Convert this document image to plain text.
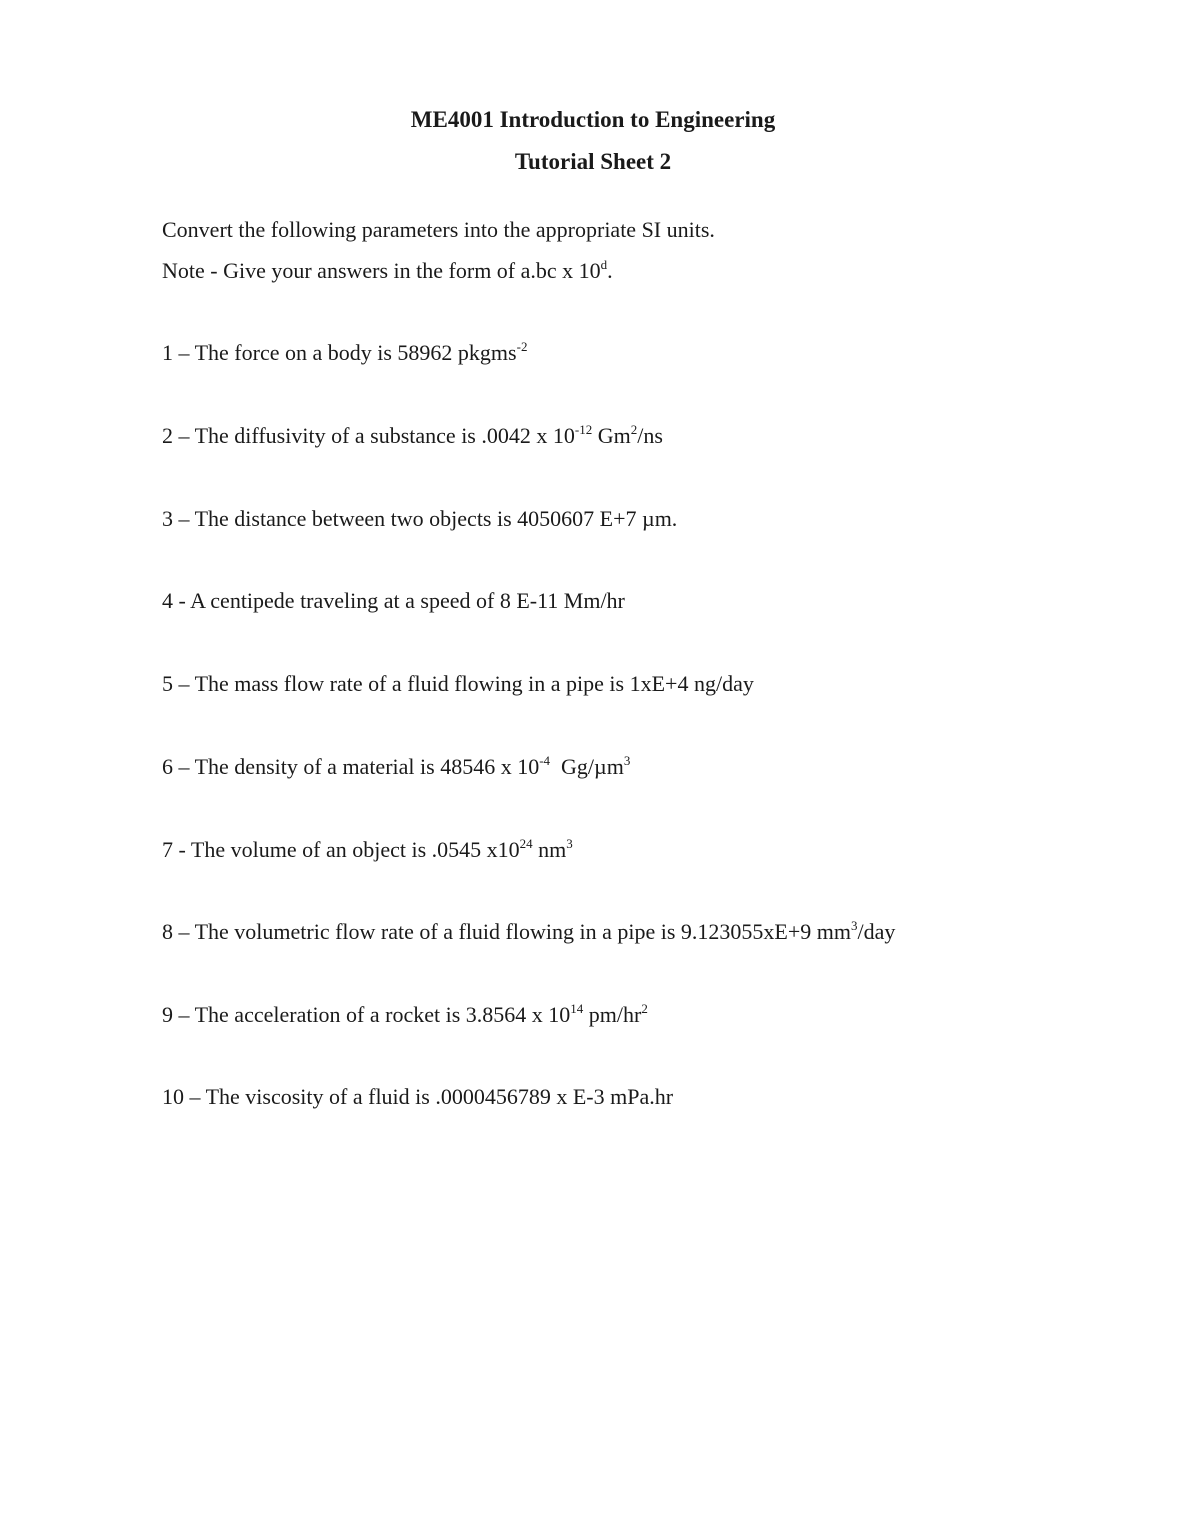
ME4001 Introduction to Engineering
Tutorial Sheet 2

Convert the following parameters into the appropriate SI units.

Note - Give your answers in the form of a.bc x 10$^d$.

1 – The force on a body is 58962 pkgms$^{-2}$

2 – The diffusivity of a substance is .0042 x $10^{-12}$ Gm$^2$/ns

3 – The distance between two objects is 4050607 E+7 µm.

4 - A centipede traveling at a speed of 8 E-11 Mm/hr

5 – The mass flow rate of a fluid flowing in a pipe is 1xE+4 ng/day

6 – The density of a material is 48546 x $10^{-4}$  Gg/µm$^3$

7 - The volume of an object is .0545 $x10^{24}$ $nm^3$

8 – The volumetric flow rate of a fluid flowing in a pipe is 9.123055xE+9 $mm^3$/day

9 – The acceleration of a rocket is 3.8564 x $10^{14}$ $pm/hr^2$

10 – The viscosity of a fluid is .0000456789 x E-3 mPa.hr
